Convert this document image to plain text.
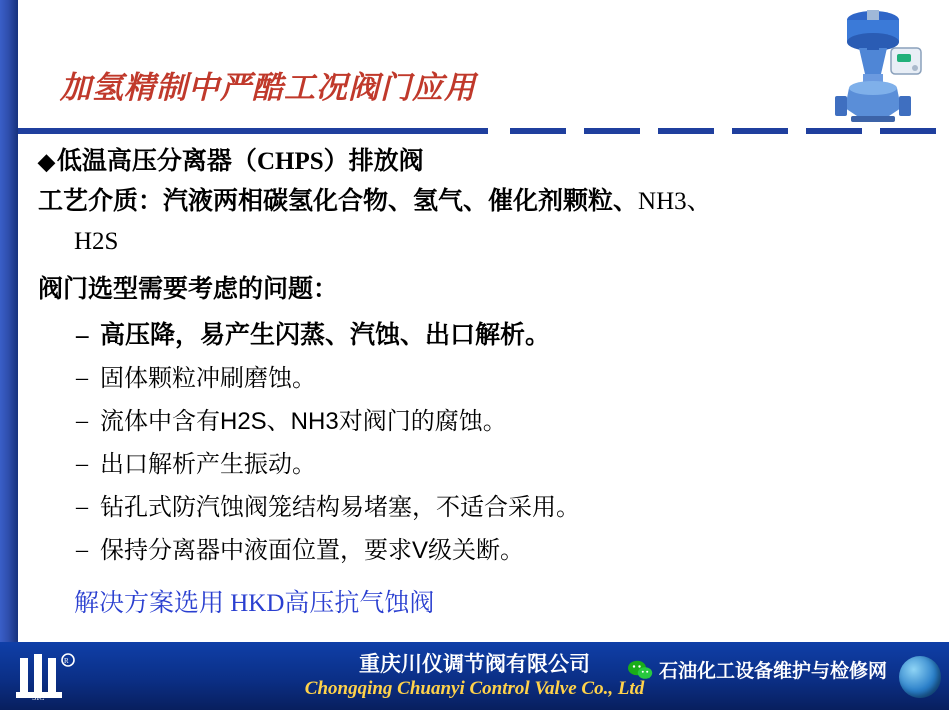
加氢精制中严酷工况阀门应用
◆低温高压分离器（CHPS）排放阀
工艺介质：汽液两相碳氢化合物、氢气、催化剂颗粒、NH3、
H2S
阀门选型需要考虑的问题：
– 高压降，易产生闪蒸、汽蚀、出口解析。
– 固体颗粒冲刷磨蚀。
– 流体中含有H2S、NH3对阀门的腐蚀。
– 出口解析产生振动。
– 钻孔式防汽蚀阀笼结构易堵塞，不适合采用。
– 保持分离器中液面位置，要求V级关断。
解决方案选用 HKD高压抗气蚀阀
R
SIC
重庆川仪调节阀有限公司
Chongqing Chuanyi Control Valve Co., Ltd
石油化工设备维护与检修网
